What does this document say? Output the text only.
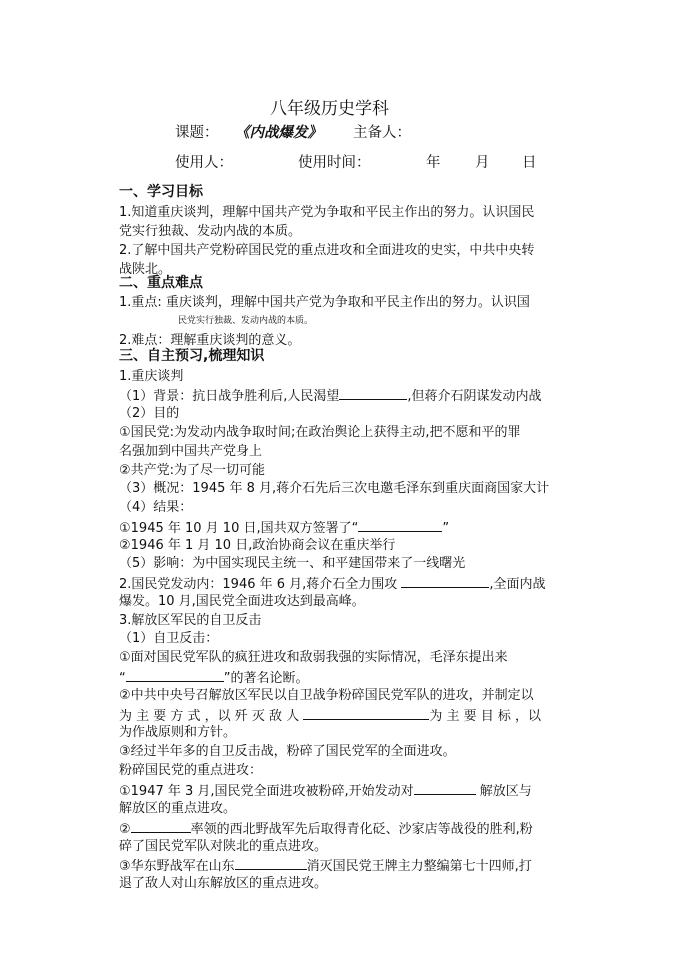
八年级历史学科
课题： 《内战爆发》 主备人：
使用人：	使用时间：	年 月 日
一、学习目标
1.知道重庆谈判，理解中国共产党为争取和平民主作出的努力。认识国民
党实行独裁、发动内战的本质。
2.了解中国共产党粉碎国民党的重点进攻和全面进攻的史实，中共中央转
战陕北。
二、重点难点
1.重点: 重庆谈判，理解中国共产党为争取和平民主作出的努力。认识国
民党实行独裁、发动内战的本质。
2.难点：理解重庆谈判的意义。
三、自主预习,梳理知识
1.重庆谈判
（1）背景：抗日战争胜利后,人民渴望	,但蒋介石阴谋发动内战
（2）目的
①国民党:为发动内战争取时间;在政治舆论上获得主动,把不愿和平的罪
名强加到中国共产党身上
②共产党:为了尽一切可能
（3）概况：1945 年 8 月,蒋介石先后三次电邀毛泽东到重庆面商国家大计
（4）结果：
①1945 年 10 月 10 日,国共双方签署了“	”
②1946 年 1 月 10 日,政治协商会议在重庆举行
（5）影响：为中国实现民主统一、和平建国带来了一线曙光
2.国民党发动内：1946 年 6 月,蒋介石全力围攻	,全面内战
爆发。10 月,国民党全面进攻达到最高峰。
3.解放区军民的自卫反击
（1）自卫反击：
①面对国民党军队的疯狂进攻和敌弱我强的实际情况，毛泽东提出来
“	”的著名论断。
②中共中央号召解放区军民以自卫战争粉碎国民党军队的进攻，并制定以
为 主 要 方 式 ，以 歼 灭 敌 人	为 主 要 目 标 ，以
为作战原则和方针。
③经过半年多的自卫反击战，粉碎了国民党军的全面进攻。
粉碎国民党的重点进攻：
①1947 年 3 月,国民党全面进攻被粉碎,开始发动对	解放区与
解放区的重点进攻。
②	率领的西北野战军先后取得青化砭、沙家店等战役的胜利,粉
碎了国民党军队对陕北的重点进攻。
③华东野战军在山东	消灭国民党王牌主力整编第七十四师,打
退了敌人对山东解放区的重点进攻。
